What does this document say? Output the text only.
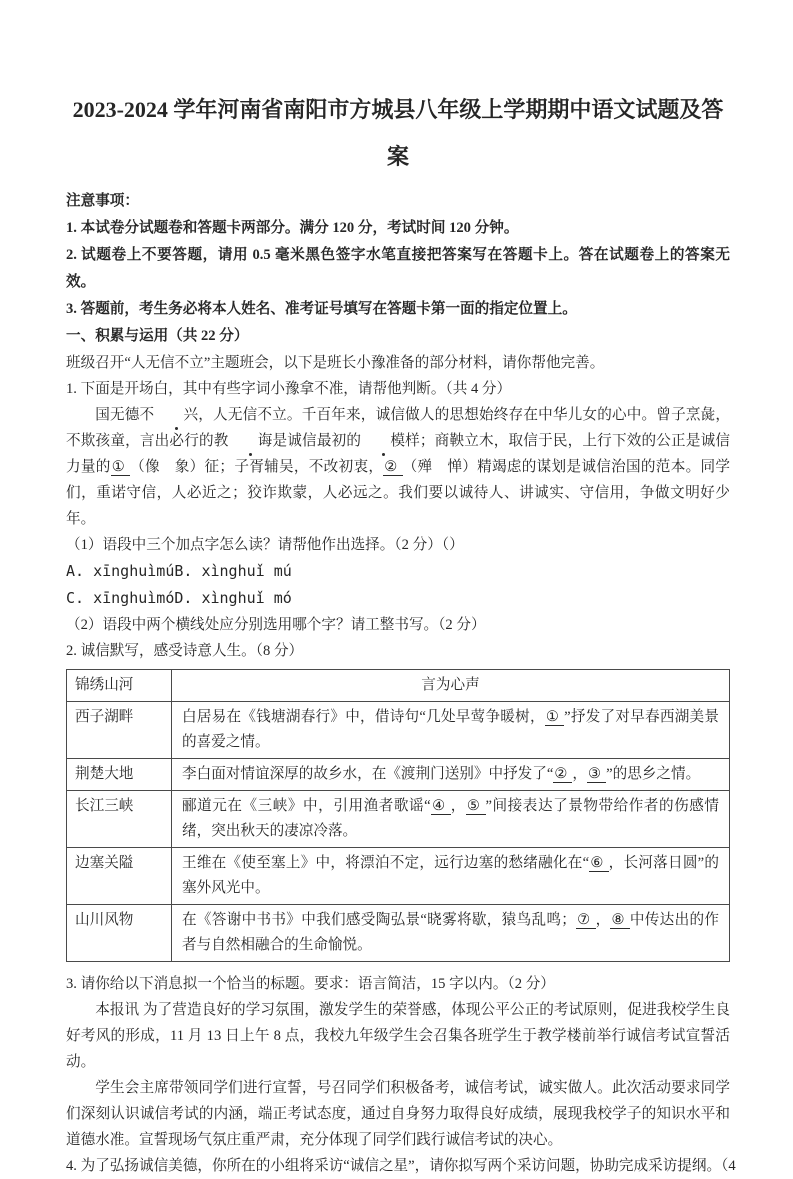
2023-2024 学年河南省南阳市方城县八年级上学期期中语文试题及答
案

注意事项：

1. 本试卷分试题卷和答题卡两部分。满分 120 分，考试时间 120 分钟。

2. 试题卷上不要答题，请用 0.5 毫米黑色签字水笔直接把答案写在答题卡上。答在试题卷上的答案无效。

3. 答题前，考生务必将本人姓名、准考证号填写在答题卡第一面的指定位置上。

一、积累与运用（共 22 分）

班级召开“人无信不立”主题班会，以下是班长小豫准备的部分材料，请你帮他完善。

1. 下面是开场白，其中有些字词小豫拿不准，请帮他判断。（共 4 分）

国无德不 兴，人无信不立。千百年来，诚信做人的思想始终存在中华儿女的心中。曾子烹彘，不欺孩童，言出必行的教 诲是诚信最初的 模样；商鞅立木，取信于民，上行下效的公正是诚信力量的① （像　象）征；子胥辅吴，不改初衷，② （殚　惮）精竭虑的谋划是诚信治国的范本。同学们，重诺守信，人必近之；狡诈欺蒙，人必远之。我们要以诚待人、讲诚实、守信用，争做文明好少年。

（1）语段中三个加点字怎么读？请帮他作出选择。（2 分）（）

A. xīnghuìmúB. xìnghuǐ mú

C. xīnghuìmóD. xìnghuǐ mó

（2）语段中两个横线处应分别选用哪个字？请工整书写。（2 分）

2. 诚信默写，感受诗意人生。（8 分）

锦绣山河	言为心声
西子湖畔	白居易在《钱塘湖春行》中，借诗句“几处早莺争暖树，① ”抒发了对早春西湖美景的喜爱之情。
荆楚大地	李白面对情谊深厚的故乡水，在《渡荆门送别》中抒发了“② ，③ ”的思乡之情。
长江三峡	郦道元在《三峡》中，引用渔者歌谣“④ ，⑤ ”间接表达了景物带给作者的伤感情绪，突出秋天的凄凉冷落。
边塞关隘	王维在《使至塞上》中，将漂泊不定，远行边塞的愁绪融化在“⑥ ，长河落日圆”的塞外风光中。
山川风物	在《答谢中书书》中我们感受陶弘景“晓雾将歇，猿鸟乱鸣；⑦ ，⑧ 中传达出的作者与自然相融合的生命愉悦。

3. 请你给以下消息拟一个恰当的标题。要求：语言简洁，15 字以内。（2 分）

本报讯 为了营造良好的学习氛围，激发学生的荣誉感，体现公平公正的考试原则，促进我校学生良好考风的形成，11 月 13 日上午 8 点，我校九年级学生会召集各班学生于教学楼前举行诚信考试宣誓活动。

学生会主席带领同学们进行宣誓，号召同学们积极备考，诚信考试，诚实做人。此次活动要求同学们深刻认识诚信考试的内涵，端正考试态度，通过自身努力取得良好成绩，展现我校学子的知识水平和道德水准。宣誓现场气氛庄重严肃，充分体现了同学们践行诚信考试的决心。

4. 为了弘扬诚信美德，你所在的小组将采访“诚信之星”，请你拟写两个采访问题，协助完成采访提纲。（4
